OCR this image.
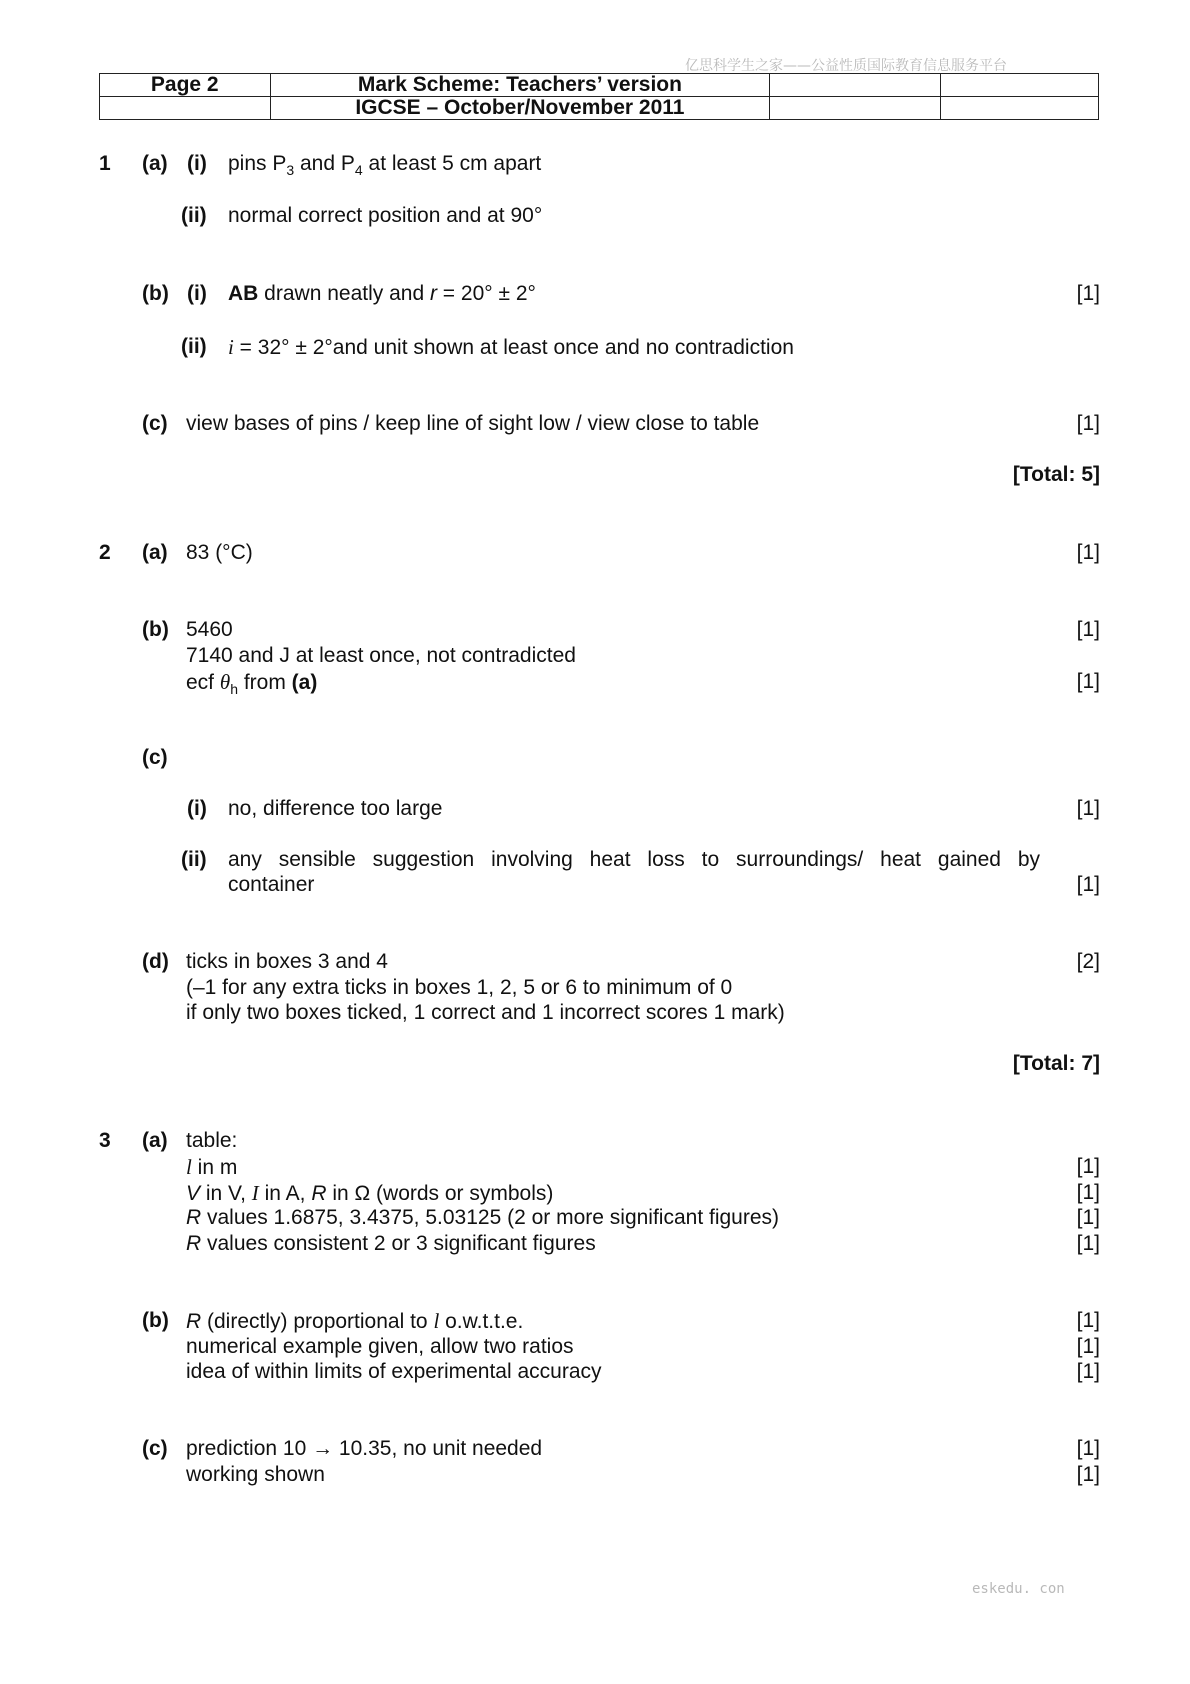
亿思科学生之家——公益性质国际教育信息服务平台
Page 2	Mark Scheme: Teachers’ version		
	IGCSE – October/November 2011		
1 (a) (i) pins $P_3$ and $P_4$ at least 5 cm apart
(ii) normal correct position and at 90°
(b) (i) AB drawn neatly and r = 20° ± 2°	[1]
(ii) i = 32° ± 2°and unit shown at least once and no contradiction
(c) view bases of pins / keep line of sight low / view close to table	[1]
[Total: 5]
2 (a) 83 (°C)	[1]
(b) 5460	[1]
7140 and J at least once, not contradicted
ecf $\theta_h$ from (a)	[1]
(c)
(i) no, difference too large	[1]
(ii) any sensible suggestion involving heat loss to surroundings/ heat gained by
container	[1]
(d) ticks in boxes 3 and 4	[2]
(–1 for any extra ticks in boxes 1, 2, 5 or 6 to minimum of 0
if only two boxes ticked, 1 correct and 1 incorrect scores 1 mark)
[Total: 7]
3 (a) table:
l in m	[1]
V in V, I in A, R in Ω (words or symbols)	[1]
R values 1.6875, 3.4375, 5.03125 (2 or more significant figures)	[1]
R values consistent 2 or 3 significant figures	[1]
(b) R (directly) proportional to l o.w.t.t.e.	[1]
numerical example given, allow two ratios	[1]
idea of within limits of experimental accuracy	[1]
(c) prediction 10 → 10.35, no unit needed	[1]
working shown	[1]
eskedu. con
